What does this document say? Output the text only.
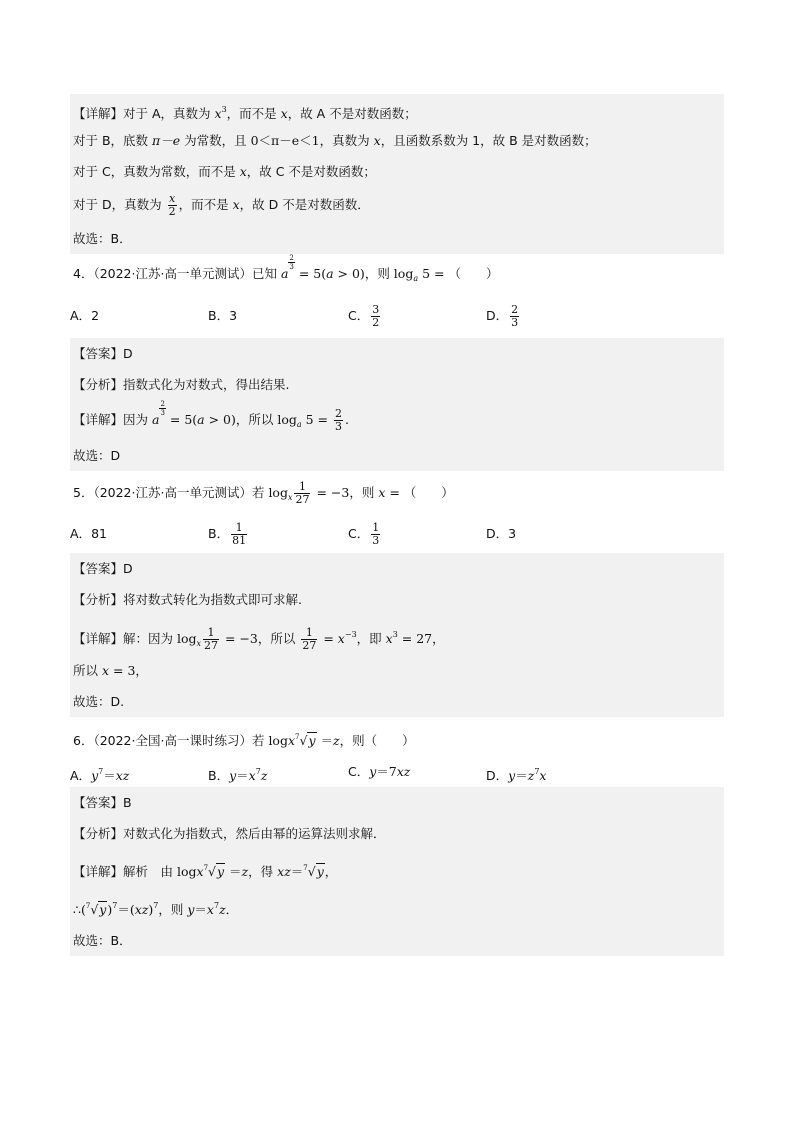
【详解】对于 A，真数为 $x^3$，而不是 x，故 A 不是对数函数；
对于 B，底数 π－e 为常数，且 0＜π－e＜1，真数为 x，且函数系数为 1，故 B 是对数函数；
对于 C，真数为常数，而不是 x，故 C 不是对数函数；
对于 D，真数为 $\frac{x}{2}$ ，而不是 x，故 D 不是对数函数．
故选：B．
4．（2022·江苏·高一单元测试）已知 a
$\frac{2}{3}$
= 5(a > 0)，则 $\log_a 5$ = （　　）
A．2	B．3	C． $\frac{3}{2}$	D． $\frac{2}{3}$
【答案】D
【分析】指数式化为对数式，得出结果.
【详解】因为 a
$\frac{2}{3}$
= 5(a > 0)，所以 $\log_a 5 = \frac{2}{3}$ .
故选：D
5．（2022·江苏·高一单元测试）若 $\log_x \frac{1}{27} = -3$，则 x = （　　）
A．81	B． $\frac{1}{81}$	C． $\frac{1}{3}$	D．3
【答案】D
【分析】将对数式转化为指数式即可求解.
【详解】解：因为 $\log_x \frac{1}{27} = -3$，所以 $\frac{1}{27} = x^{-3}$，即 $x^3 = 27$，
所以 x = 3，
故选：D.
6．（2022·全国·高一课时练习）若 logx$^7$√y ＝z，则（　　）
A．$y^7=xz$	B．$y=x^7z$	C．y＝7xz	D．$y=z^7x$
【答案】B
【分析】对数式化为指数式，然后由幂的运算法则求解．
【详解】解析　由 logx$^7$√y ＝z，得 xz＝$^7$√y，
$\therefore(^7√y)^7=(xz)^7$，则 $y=x^7z$．
故选：B．
